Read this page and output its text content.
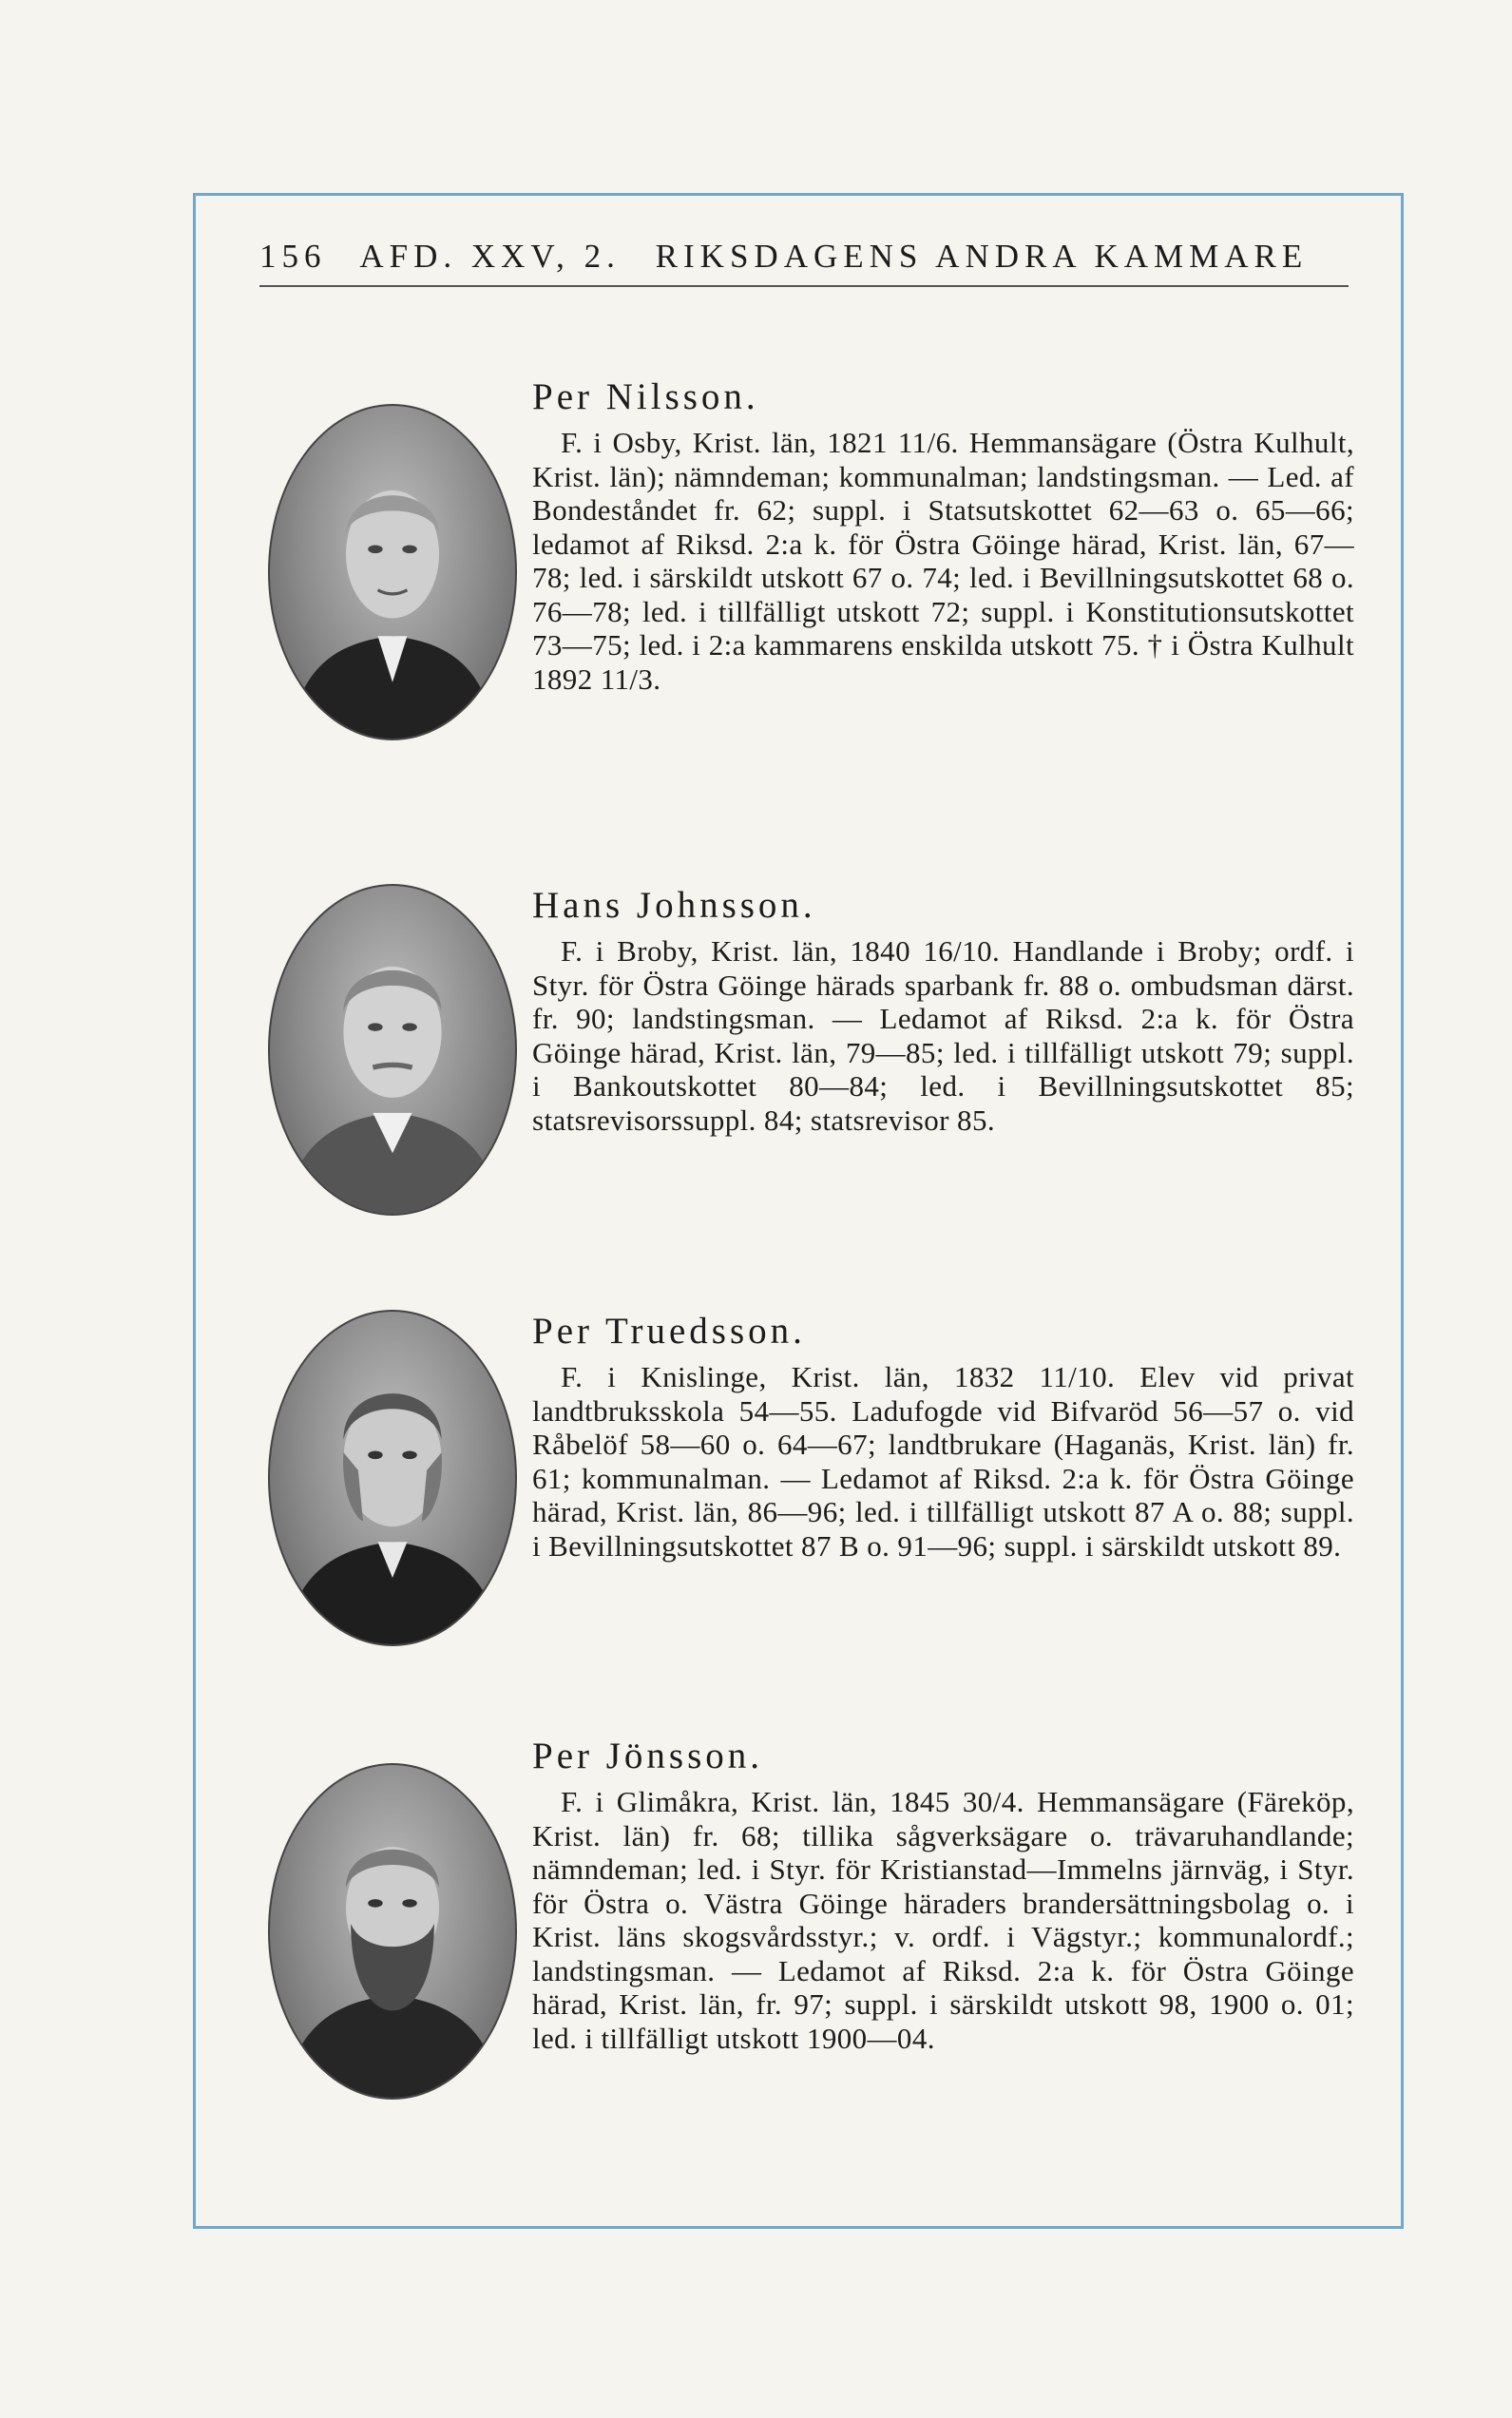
156 AFD. XXV, 2. RIKSDAGENS ANDRA KAMMARE

Per Nilsson.

F. i Osby, Krist. län, 1821 11/6. Hemmansägare (Östra Kulhult, Krist. län); nämndeman; kommunalman; landstingsman. — Led. af Bondeståndet fr. 62; suppl. i Statsutskottet 62—63 o. 65—66; ledamot af Riksd. 2:a k. för Östra Göinge härad, Krist. län, 67—78; led. i särskildt utskott 67 o. 74; led. i Bevillningsutskottet 68 o. 76—78; led. i tillfälligt utskott 72; suppl. i Konstitutionsutskottet 73—75; led. i 2:a kammarens enskilda utskott 75. † i Östra Kulhult 1892 11/3.

Hans Johnsson.

F. i Broby, Krist. län, 1840 16/10. Handlande i Broby; ordf. i Styr. för Östra Göinge härads sparbank fr. 88 o. ombudsman därst. fr. 90; landstingsman. — Ledamot af Riksd. 2:a k. för Östra Göinge härad, Krist. län, 79—85; led. i tillfälligt utskott 79; suppl. i Bankoutskottet 80—84; led. i Bevillningsutskottet 85; statsrevisorssuppl. 84; statsrevisor 85.

Per Truedsson.

F. i Knislinge, Krist. län, 1832 11/10. Elev vid privat landtbruksskola 54—55. Ladufogde vid Bifvaröd 56—57 o. vid Råbelöf 58—60 o. 64—67; landtbrukare (Haganäs, Krist. län) fr. 61; kommunalman. — Ledamot af Riksd. 2:a k. för Östra Göinge härad, Krist. län, 86—96; led. i tillfälligt utskott 87 A o. 88; suppl. i Bevillningsutskottet 87 B o. 91—96; suppl. i särskildt utskott 89.

Per Jönsson.

F. i Glimåkra, Krist. län, 1845 30/4. Hemmansägare (Färeköp, Krist. län) fr. 68; tillika sågverksägare o. trävaruhandlande; nämndeman; led. i Styr. för Kristianstad—Immelns järnväg, i Styr. för Östra o. Västra Göinge häraders brandersättningsbolag o. i Krist. läns skogsvårdsstyr.; v. ordf. i Vägstyr.; kommunalordf.; landstingsman. — Ledamot af Riksd. 2:a k. för Östra Göinge härad, Krist. län, fr. 97; suppl. i särskildt utskott 98, 1900 o. 01; led. i tillfälligt utskott 1900—04.
